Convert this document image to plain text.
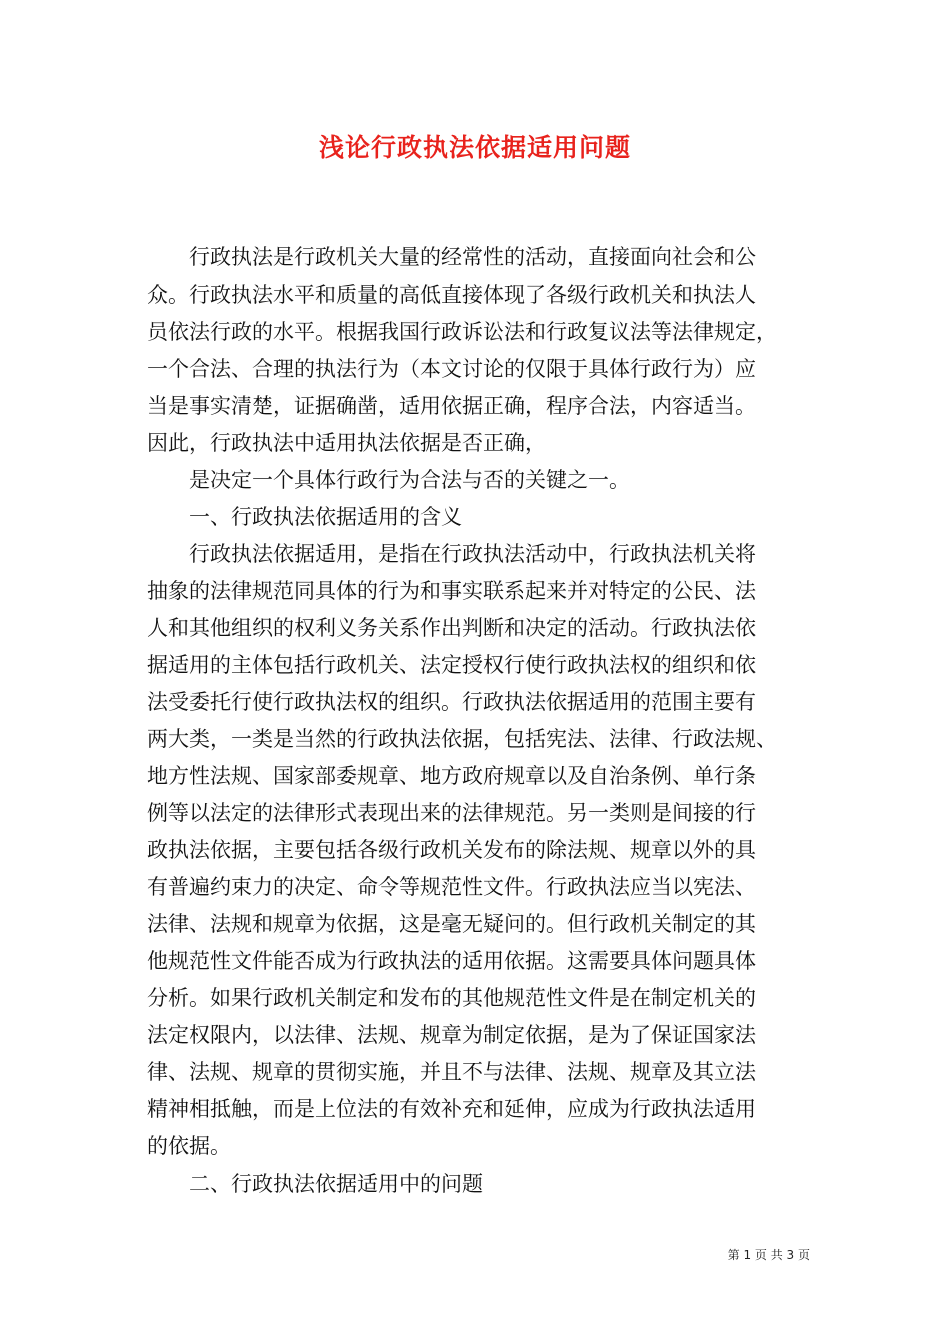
浅论行政执法依据适用问题
　　行政执法是行政机关大量的经常性的活动，直接面向社会和公
众。行政执法水平和质量的高低直接体现了各级行政机关和执法人
员依法行政的水平。根据我国行政诉讼法和行政复议法等法律规定，
一个合法、合理的执法行为（本文讨论的仅限于具体行政行为）应
当是事实清楚，证据确凿，适用依据正确，程序合法，内容适当。
因此，行政执法中适用执法依据是否正确，
　　是决定一个具体行政行为合法与否的关键之一。
　　一、行政执法依据适用的含义
　　行政执法依据适用，是指在行政执法活动中，行政执法机关将
抽象的法律规范同具体的行为和事实联系起来并对特定的公民、法
人和其他组织的权利义务关系作出判断和决定的活动。行政执法依
据适用的主体包括行政机关、法定授权行使行政执法权的组织和依
法受委托行使行政执法权的组织。行政执法依据适用的范围主要有
两大类，一类是当然的行政执法依据，包括宪法、法律、行政法规、
地方性法规、国家部委规章、地方政府规章以及自治条例、单行条
例等以法定的法律形式表现出来的法律规范。另一类则是间接的行
政执法依据，主要包括各级行政机关发布的除法规、规章以外的具
有普遍约束力的决定、命令等规范性文件。行政执法应当以宪法、
法律、法规和规章为依据，这是毫无疑问的。但行政机关制定的其
他规范性文件能否成为行政执法的适用依据。这需要具体问题具体
分析。如果行政机关制定和发布的其他规范性文件是在制定机关的
法定权限内，以法律、法规、规章为制定依据，是为了保证国家法
律、法规、规章的贯彻实施，并且不与法律、法规、规章及其立法
精神相抵触，而是上位法的有效补充和延伸，应成为行政执法适用
的依据。
　　二、行政执法依据适用中的问题
第 1 页 共 3 页
